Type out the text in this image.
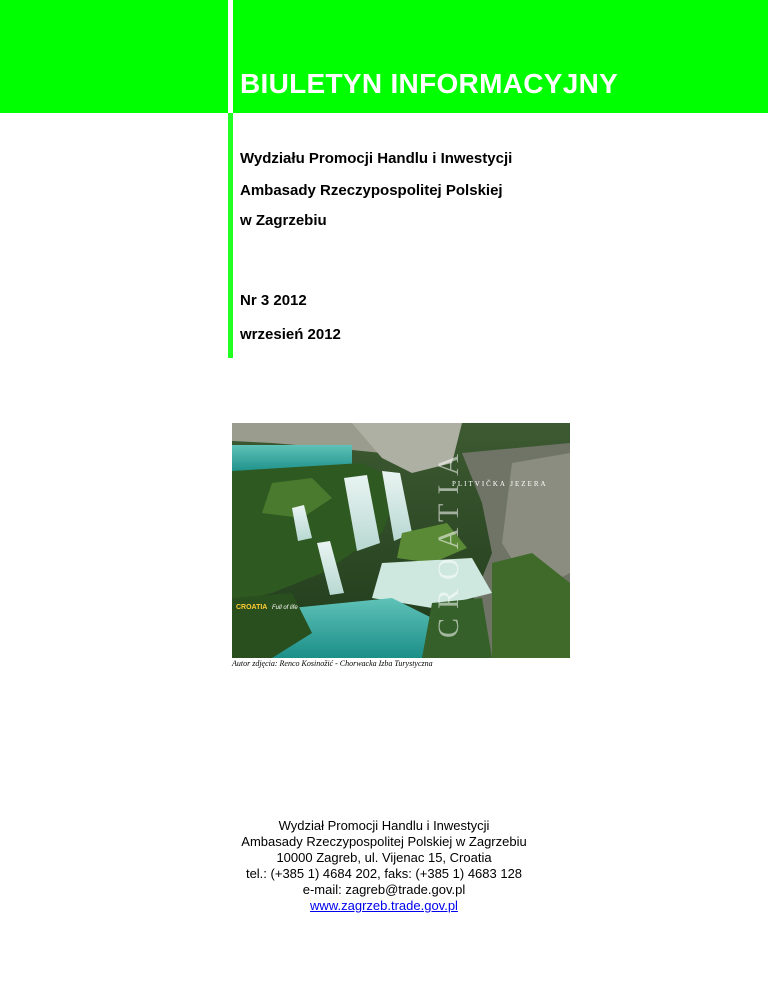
BIULETYN INFORMACYJNY

Wydziału Promocji Handlu i Inwestycji

Ambasady Rzeczypospolitej Polskiej

w Zagrzebiu

Nr 3 2012

wrzesień 2012

CROATIA
PLITVIČKA JEZERA
CROATIA Full of life
Autor zdjęcia: Renco Kosinožić - Chorwacka Izba Turystyczna
Wydział Promocji Handlu i Inwestycji
Ambasady Rzeczypospolitej Polskiej w Zagrzebiu
10000 Zagreb, ul. Vijenac 15, Croatia
tel.: (+385 1) 4684 202, faks: (+385 1) 4683 128
e-mail: zagreb@trade.gov.pl
www.zagrzeb.trade.gov.pl
